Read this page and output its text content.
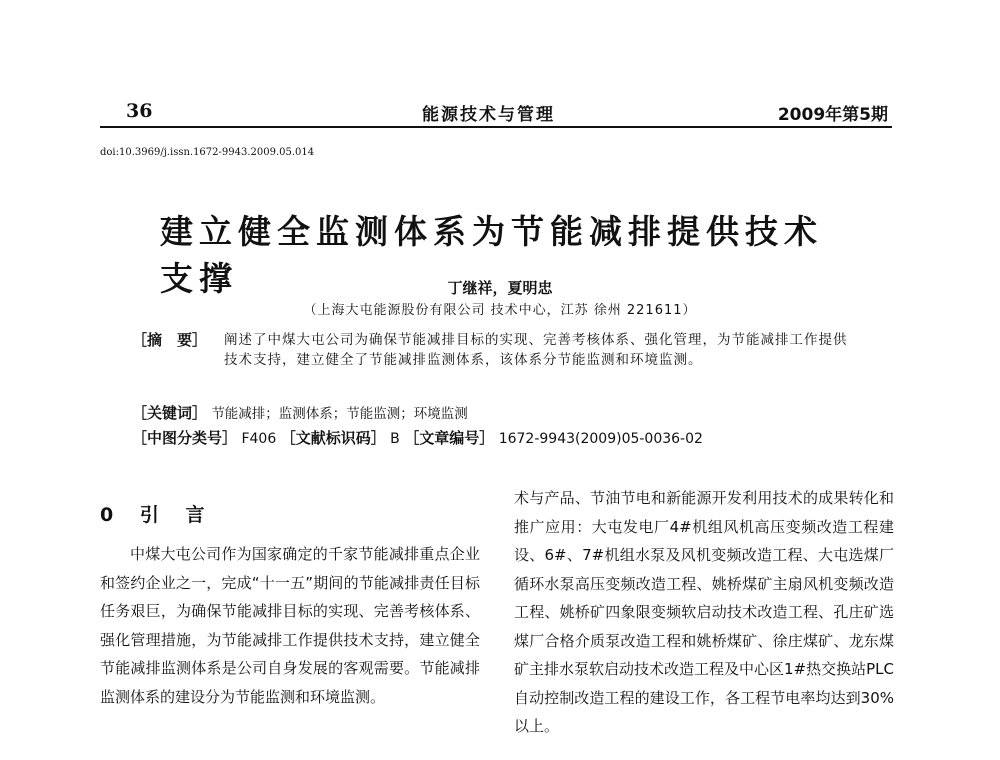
36	能源技术与管理	2009年第5期
doi:10.3969/j.issn.1672-9943.2009.05.014
建立健全监测体系为节能减排提供技术支撑	丁继祥，夏明忠
（上海大屯能源股份有限公司 技术中心，江苏 徐州 221611）
［摘　要］	阐述了中煤大屯公司为确保节能减排目标的实现、完善考核体系、强化管理，为节能减排工作提供技术支持，建立健全了节能减排监测体系，该体系分节能监测和环境监测。
［关键词］ 节能减排；监测体系；节能监测；环境监测
［中图分类号］ F406 ［文献标识码］ B ［文章编号］ 1672-9943(2009)05-0036-02
0 引 言
中煤大屯公司作为国家确定的千家节能减排重点企业和签约企业之一，完成“十一五”期间的节能减排责任目标任务艰巨，为确保节能减排目标的实现、完善考核体系、强化管理措施，为节能减排工作提供技术支持，建立健全节能减排监测体系是公司自身发展的客观需要。节能减排监测体系的建设分为节能监测和环境监测。
术与产品、节油节电和新能源开发利用技术的成果转化和推广应用：大屯发电厂4#机组风机高压变频改造工程建设、6#、7#机组水泵及风机变频改造工程、大屯选煤厂循环水泵高压变频改造工程、姚桥煤矿主扇风机变频改造工程、姚桥矿四象限变频软启动技术改造工程、孔庄矿选煤厂合格介质泵改造工程和姚桥煤矿、徐庄煤矿、龙东煤矿主排水泵软启动技术改造工程及中心区1#热交换站PLC自动控制改造工程的建设工作，各工程节电率均达到30%以上。
